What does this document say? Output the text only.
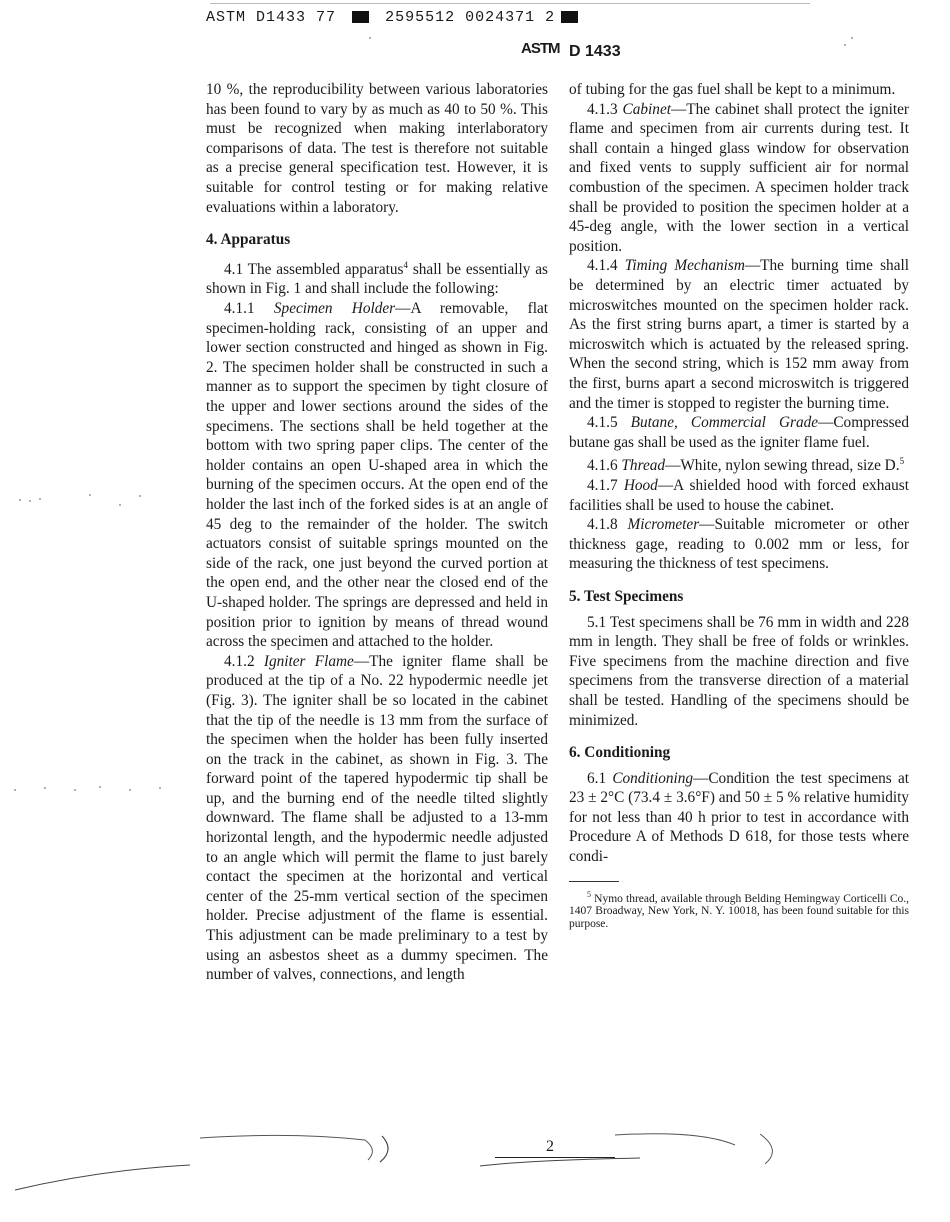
ASTM D1433 77	2595512 0024371 2
ASTM D 1433

10 %, the reproducibility between various laboratories has been found to vary by as much as 40 to 50 %. This must be recognized when making interlaboratory comparisons of data. The test is therefore not suitable as a precise general specification test. However, it is suitable for control testing or for making relative evaluations within a laboratory.

4. Apparatus

4.1 The assembled apparatus$^4$ shall be essentially as shown in Fig. 1 and shall include the following:

4.1.1 Specimen Holder—A removable, flat specimen-holding rack, consisting of an upper and lower section constructed and hinged as shown in Fig. 2. The specimen holder shall be constructed in such a manner as to support the specimen by tight closure of the upper and lower sections around the sides of the specimens. The sections shall be held together at the bottom with two spring paper clips. The center of the holder contains an open U-shaped area in which the burning of the specimen occurs. At the open end of the holder the last inch of the forked sides is at an angle of 45 deg to the remainder of the holder. The switch actuators consist of suitable springs mounted on the side of the rack, one just beyond the curved portion at the open end, and the other near the closed end of the U-shaped holder. The springs are depressed and held in position prior to ignition by means of thread wound across the specimen and attached to the holder.

4.1.2 Igniter Flame—The igniter flame shall be produced at the tip of a No. 22 hypodermic needle jet (Fig. 3). The igniter shall be so located in the cabinet that the tip of the needle is 13 mm from the surface of the specimen when the holder has been fully inserted on the track in the cabinet, as shown in Fig. 3. The forward point of the tapered hypodermic tip shall be up, and the burning end of the needle tilted slightly downward. The flame shall be adjusted to a 13-mm horizontal length, and the hypodermic needle adjusted to an angle which will permit the flame to just barely contact the specimen at the horizontal and vertical center of the 25-mm vertical section of the specimen holder. Precise adjustment of the flame is essential. This adjustment can be made preliminary to a test by using an asbestos sheet as a dummy specimen. The number of valves, connections, and length

of tubing for the gas fuel shall be kept to a minimum.

4.1.3 Cabinet—The cabinet shall protect the igniter flame and specimen from air currents during test. It shall contain a hinged glass window for observation and fixed vents to supply sufficient air for normal combustion of the specimen. A specimen holder track shall be provided to position the specimen holder at a 45-deg angle, with the lower section in a vertical position.

4.1.4 Timing Mechanism—The burning time shall be determined by an electric timer actuated by microswitches mounted on the specimen holder rack. As the first string burns apart, a timer is started by a microswitch which is actuated by the released spring. When the second string, which is 152 mm away from the first, burns apart a second microswitch is triggered and the timer is stopped to register the burning time.

4.1.5 Butane, Commercial Grade—Compressed butane gas shall be used as the igniter flame fuel.

4.1.6 Thread—White, nylon sewing thread, size D.$^5$

4.1.7 Hood—A shielded hood with forced exhaust facilities shall be used to house the cabinet.

4.1.8 Micrometer—Suitable micrometer or other thickness gage, reading to 0.002 mm or less, for measuring the thickness of test specimens.

5. Test Specimens

5.1 Test specimens shall be 76 mm in width and 228 mm in length. They shall be free of folds or wrinkles. Five specimens from the machine direction and five specimens from the transverse direction of a material shall be tested. Handling of the specimens should be minimized.

6. Conditioning

6.1 Conditioning—Condition the test specimens at 23 ± 2°C (73.4 ± 3.6°F) and 50 ± 5 % relative humidity for not less than 40 h prior to test in accordance with Procedure A of Methods D 618, for those tests where condi-

$^5$ Nymo thread, available through Belding Hemingway Corticelli Co., 1407 Broadway, New York, N. Y. 10018, has been found suitable for this purpose.

2
